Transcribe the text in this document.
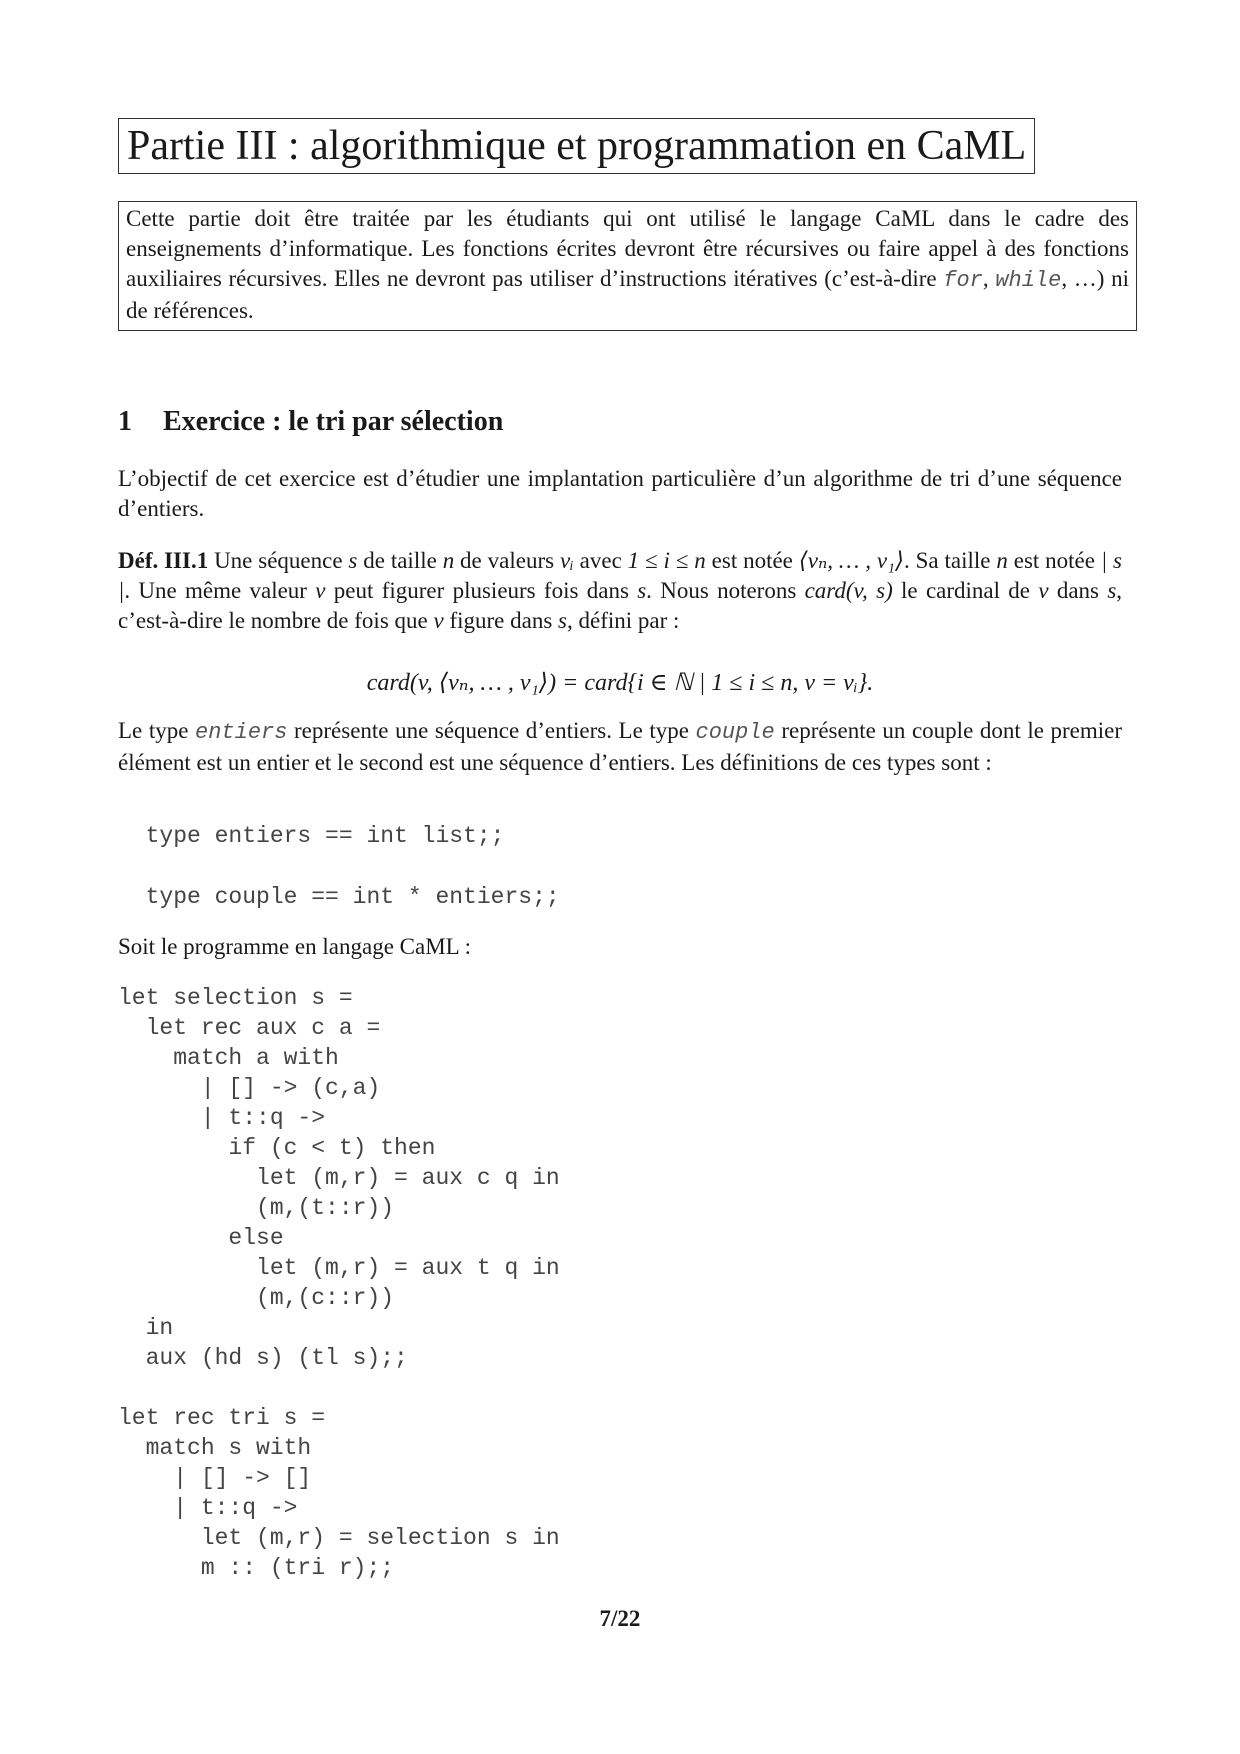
Partie III : algorithmique et programmation en CaML
Cette partie doit être traitée par les étudiants qui ont utilisé le langage CaML dans le cadre des enseignements d’informatique. Les fonctions écrites devront être récursives ou faire appel à des fonctions auxiliaires récursives. Elles ne devront pas utiliser d’instructions itératives (c’est-à-dire for, while, …) ni de références.
1 Exercice : le tri par sélection
L’objectif de cet exercice est d’étudier une implantation particulière d’un algorithme de tri d’une séquence d’entiers.
Déf. III.1 Une séquence s de taille n de valeurs vᵢ avec 1 ≤ i ≤ n est notée ⟨vₙ, … , v₁⟩. Sa taille n est notée | s |. Une même valeur v peut figurer plusieurs fois dans s. Nous noterons card(v, s) le cardinal de v dans s, c’est-à-dire le nombre de fois que v figure dans s, défini par :
card(v, ⟨vₙ, … , v₁⟩) = card{i ∈ ℕ | 1 ≤ i ≤ n, v = vᵢ}.
Le type entiers représente une séquence d’entiers. Le type couple représente un couple dont le premier élément est un entier et le second est une séquence d’entiers. Les définitions de ces types sont :
type entiers == int list;;
type couple == int * entiers;;
Soit le programme en langage CaML :
let selection s =
let rec aux c a =
match a with
| [] -> (c,a)
| t::q ->
if (c < t) then
let (m,r) = aux c q in
(m,(t::r))
else
let (m,r) = aux t q in
(m,(c::r))
in
aux (hd s) (tl s);;
let rec tri s =
match s with
| [] -> []
| t::q ->
let (m,r) = selection s in
m :: (tri r);;
7/22
